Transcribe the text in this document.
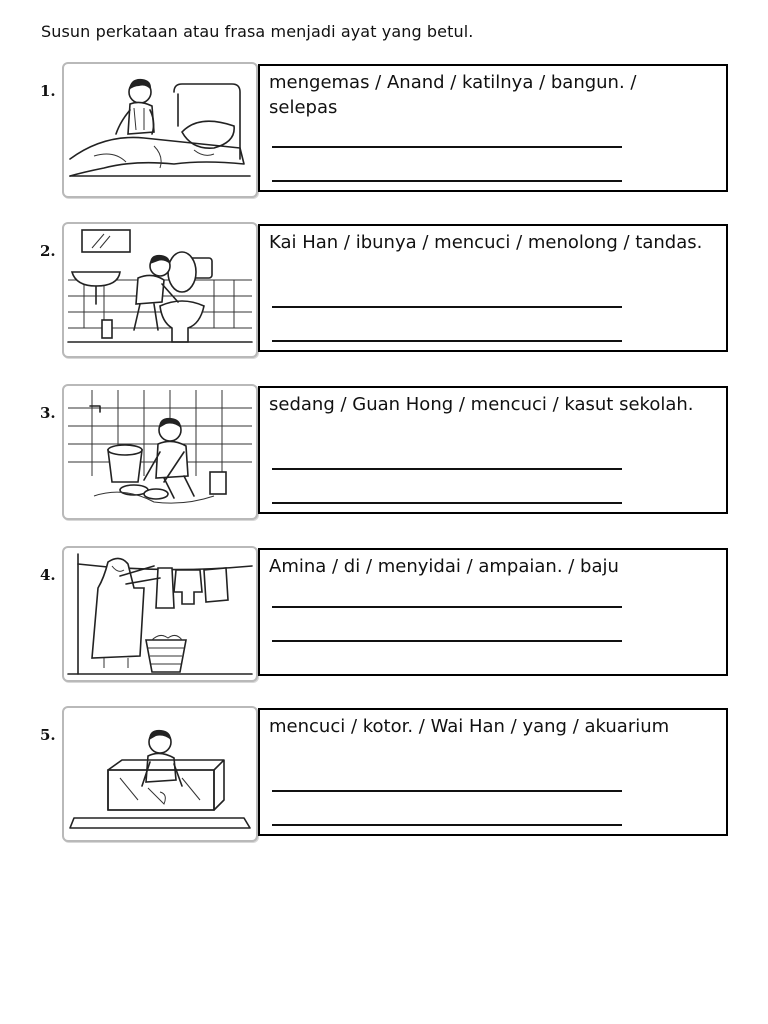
Susun perkataan atau frasa menjadi ayat yang betul.
1.	mengemas / Anand / katilnya / bangun. / selepas
2.	Kai Han / ibunya / mencuci / menolong / tandas.
3.	sedang / Guan Hong / mencuci / kasut sekolah.
4.	Amina / di / menyidai / ampaian. / baju
5.	mencuci / kotor. / Wai Han / yang / akuarium
